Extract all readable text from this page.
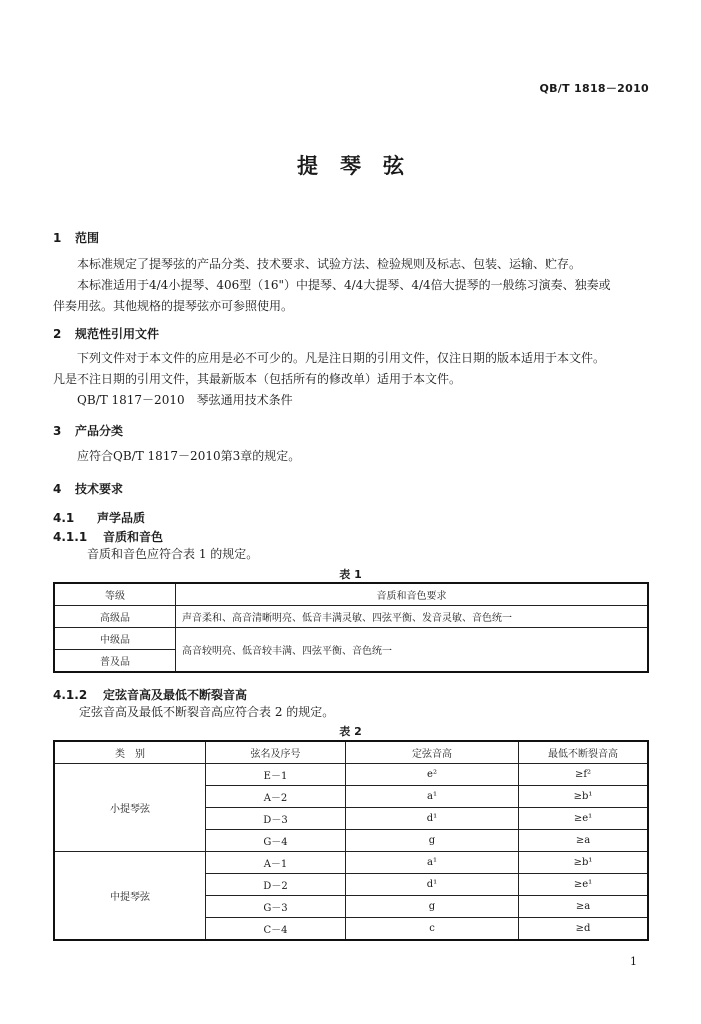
QB/T 1818－2010
提琴弦
1 范围
本标准规定了提琴弦的产品分类、技术要求、试验方法、检验规则及标志、包装、运输、贮存。
本标准适用于4/4小提琴、406型（16"）中提琴、4/4大提琴、4/4倍大提琴的一般练习演奏、独奏或
伴奏用弦。其他规格的提琴弦亦可参照使用。
2 规范性引用文件
下列文件对于本文件的应用是必不可少的。凡是注日期的引用文件，仅注日期的版本适用于本文件。
凡是不注日期的引用文件，其最新版本（包括所有的修改单）适用于本文件。
QB/T 1817－2010　琴弦通用技术条件
3 产品分类
应符合QB/T 1817－2010第3章的规定。
4 技术要求
4.1 声学品质
4.1.1 音质和音色
音质和音色应符合表 1 的规定。
表 1
等级	音质和音色要求
高级品	声音柔和、高音清晰明亮、低音丰满灵敏、四弦平衡、发音灵敏、音色统一
中级品	高音较明亮、低音较丰满、四弦平衡、音色统一
普及品	
4.1.2 定弦音高及最低不断裂音高
定弦音高及最低不断裂音高应符合表 2 的规定。
表 2
类　别	弦名及序号	定弦音高	最低不断裂音高
小提琴弦	E－1	e²	≥f²
	A－2	a¹	≥b¹
	D－3	d¹	≥e¹
	G－4	g	≥a
中提琴弦	A－1	a¹	≥b¹
	D－2	d¹	≥e¹
	G－3	g	≥a
	C－4	c	≥d
1
